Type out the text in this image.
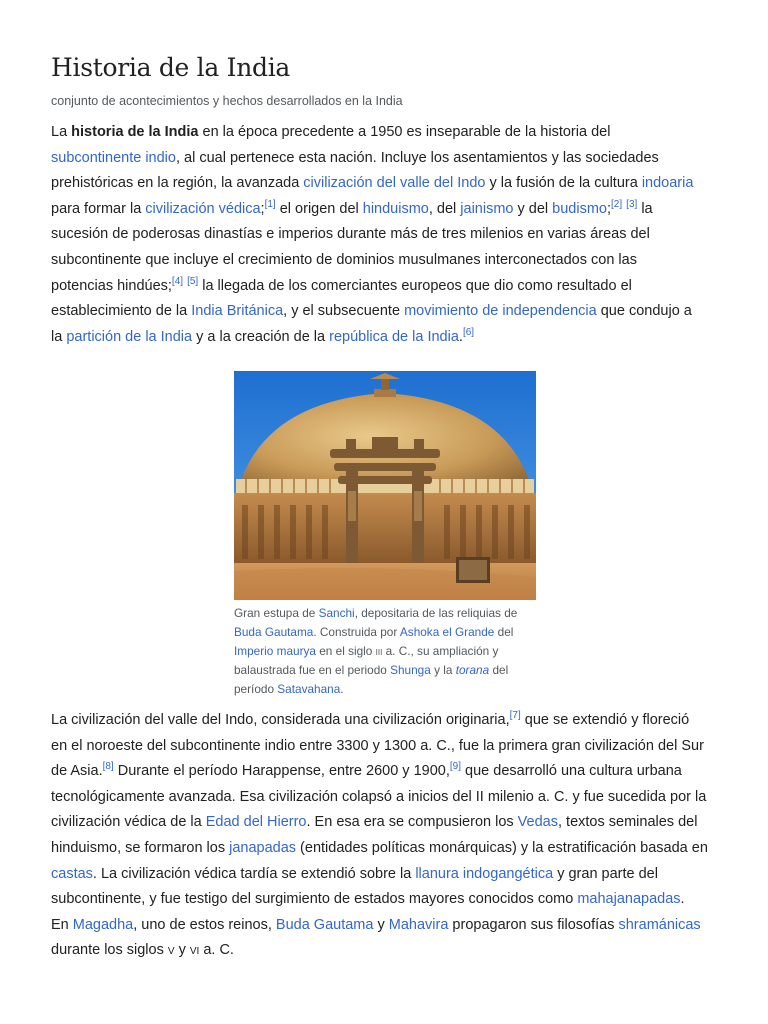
Historia de la India
conjunto de acontecimientos y hechos desarrollados en la India
La historia de la India en la época precedente a 1950 es inseparable de la historia del
subcontinente indio, al cual pertenece esta nación. Incluye los asentamientos y las sociedades
prehistóricas en la región, la avanzada civilización del valle del Indo y la fusión de la cultura indoaria
para formar la civilización védica;[1] el origen del hinduismo, del jainismo y del budismo;[2] [3] la
sucesión de poderosas dinastías e imperios durante más de tres milenios en varias áreas del
subcontinente que incluye el crecimiento de dominios musulmanes interconectados con las
potencias hindúes;[4] [5] la llegada de los comerciantes europeos que dio como resultado el
establecimiento de la India Británica, y el subsecuente movimiento de independencia que condujo a
la partición de la India y a la creación de la república de la India.[6]
Gran estupa de Sanchi, depositaria de las reliquias de
Buda Gautama. Construida por Ashoka el Grande del
Imperio maurya en el siglo iii a. C., su ampliación y
balaustrada fue en el periodo Shunga y la torana del
período Satavahana.
La civilización del valle del Indo, considerada una civilización originaria,[7] que se extendió y floreció
en el noroeste del subcontinente indio entre 3300 y 1300 a. C., fue la primera gran civilización del Sur
de Asia.[8] Durante el período Harappense, entre 2600 y 1900,[9] que desarrolló una cultura urbana
tecnológicamente avanzada. Esa civilización colapsó a inicios del II milenio a. C. y fue sucedida por la
civilización védica de la Edad del Hierro. En esa era se compusieron los Vedas, textos seminales del
hinduismo, se formaron los janapadas (entidades políticas monárquicas) y la estratificación basada en
castas. La civilización védica tardía se extendió sobre la llanura indogangética y gran parte del
subcontinente, y fue testigo del surgimiento de estados mayores conocidos como mahajanapadas.
En Magadha, uno de estos reinos, Buda Gautama y Mahavira propagaron sus filosofías shramánicas
durante los siglos v y vi a. C.
